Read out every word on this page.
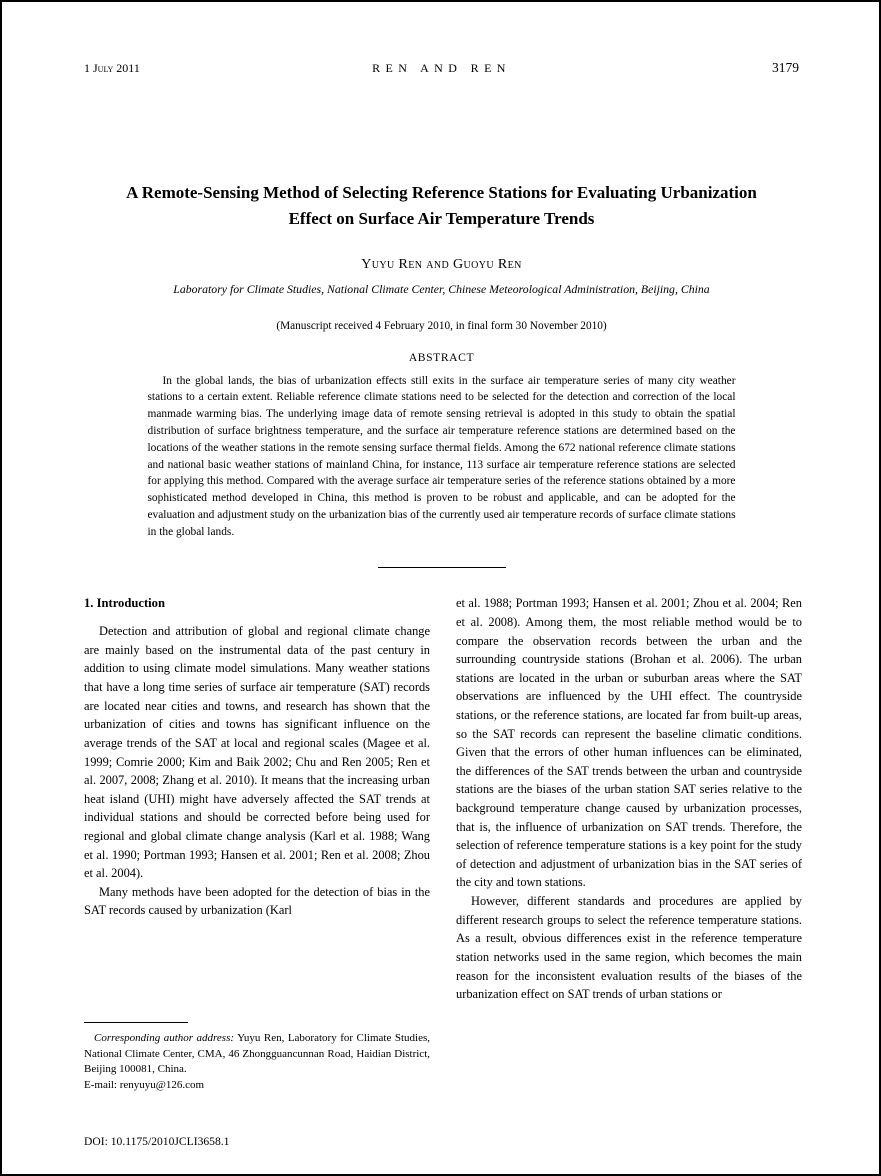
1 July 2011	REN AND REN	3179
A Remote-Sensing Method of Selecting Reference Stations for Evaluating Urbanization Effect on Surface Air Temperature Trends
Yuyu Ren and Guoyu Ren
Laboratory for Climate Studies, National Climate Center, Chinese Meteorological Administration, Beijing, China
(Manuscript received 4 February 2010, in final form 30 November 2010)
ABSTRACT
In the global lands, the bias of urbanization effects still exits in the surface air temperature series of many city weather stations to a certain extent. Reliable reference climate stations need to be selected for the detection and correction of the local manmade warming bias. The underlying image data of remote sensing retrieval is adopted in this study to obtain the spatial distribution of surface brightness temperature, and the surface air temperature reference stations are determined based on the locations of the weather stations in the remote sensing surface thermal fields. Among the 672 national reference climate stations and national basic weather stations of mainland China, for instance, 113 surface air temperature reference stations are selected for applying this method. Compared with the average surface air temperature series of the reference stations obtained by a more sophisticated method developed in China, this method is proven to be robust and applicable, and can be adopted for the evaluation and adjustment study on the urbanization bias of the currently used air temperature records of surface climate stations in the global lands.
1. Introduction

Detection and attribution of global and regional climate change are mainly based on the instrumental data of the past century in addition to using climate model simulations. Many weather stations that have a long time series of surface air temperature (SAT) records are located near cities and towns, and research has shown that the urbanization of cities and towns has significant influence on the average trends of the SAT at local and regional scales (Magee et al. 1999; Comrie 2000; Kim and Baik 2002; Chu and Ren 2005; Ren et al. 2007, 2008; Zhang et al. 2010). It means that the increasing urban heat island (UHI) might have adversely affected the SAT trends at individual stations and should be corrected before being used for regional and global climate change analysis (Karl et al. 1988; Wang et al. 1990; Portman 1993; Hansen et al. 2001; Ren et al. 2008; Zhou et al. 2004).

Many methods have been adopted for the detection of bias in the SAT records caused by urbanization (Karl

et al. 1988; Portman 1993; Hansen et al. 2001; Zhou et al. 2004; Ren et al. 2008). Among them, the most reliable method would be to compare the observation records between the urban and the surrounding countryside stations (Brohan et al. 2006). The urban stations are located in the urban or suburban areas where the SAT observations are influenced by the UHI effect. The countryside stations, or the reference stations, are located far from built-up areas, so the SAT records can represent the baseline climatic conditions. Given that the errors of other human influences can be eliminated, the differences of the SAT trends between the urban and countryside stations are the biases of the urban station SAT series relative to the background temperature change caused by urbanization processes, that is, the influence of urbanization on SAT trends. Therefore, the selection of reference temperature stations is a key point for the study of detection and adjustment of urbanization bias in the SAT series of the city and town stations.

However, different standards and procedures are applied by different research groups to select the reference temperature stations. As a result, obvious differences exist in the reference temperature station networks used in the same region, which becomes the main reason for the inconsistent evaluation results of the biases of the urbanization effect on SAT trends of urban stations or

Corresponding author address: Yuyu Ren, Laboratory for Climate Studies, National Climate Center, CMA, 46 Zhongguancunnan Road, Haidian District, Beijing 100081, China.

E-mail: renyuyu@126.com

DOI: 10.1175/2010JCLI3658.1
